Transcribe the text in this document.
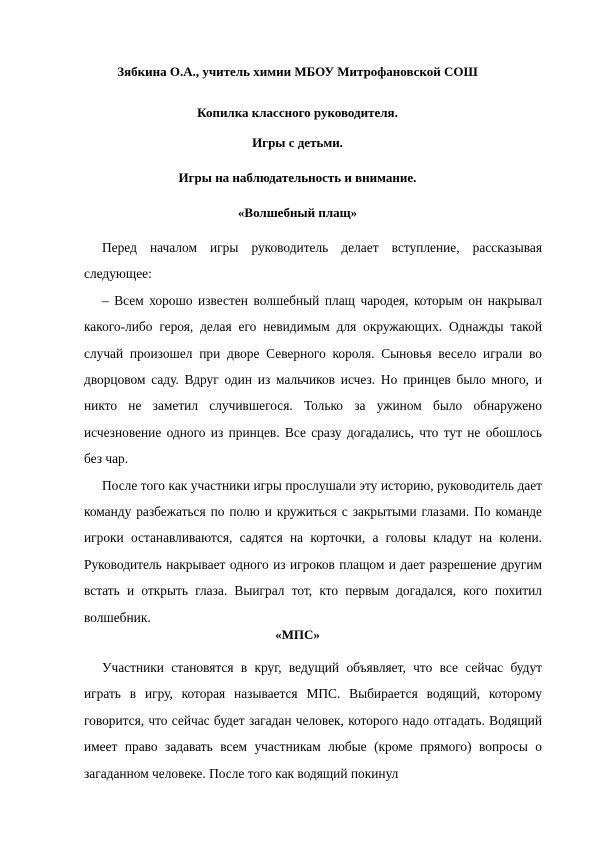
Зябкина О.А., учитель химии МБОУ Митрофановской СОШ
Копилка классного руководителя.
Игры с детьми.
Игры на наблюдательность и внимание.
«Волшебный плащ»

Перед началом игры руководитель делает вступление, рассказывая следующее:

– Всем хорошо известен волшебный плащ чародея, которым он накрывал какого-либо героя, делая его невидимым для окружающих. Однажды такой случай произошел при дворе Северного короля. Сыновья весело играли во дворцовом саду. Вдруг один из мальчиков исчез. Но принцев было много, и никто не заметил случившегося. Только за ужином было обнаружено исчезновение одного из принцев. Все сразу догадались, что тут не обошлось без чар.

После того как участники игры прослушали эту историю, руководитель дает команду разбежаться по полю и кружиться с закрытыми глазами. По команде игроки останавливаются, садятся на корточки, а головы кладут на колени. Руководитель накрывает одного из игроков плащом и дает разрешение другим встать и открыть глаза. Выиграл тот, кто первым догадался, кого похитил волшебник.

«МПС»

Участники становятся в круг, ведущий объявляет, что все сейчас будут играть в игру, которая называется МПС. Выбирается водящий, которому говорится, что сейчас будет загадан человек, которого надо отгадать. Водящий имеет право задавать всем участникам любые (кроме прямого) вопросы о загаданном человеке. После того как водящий покинул
